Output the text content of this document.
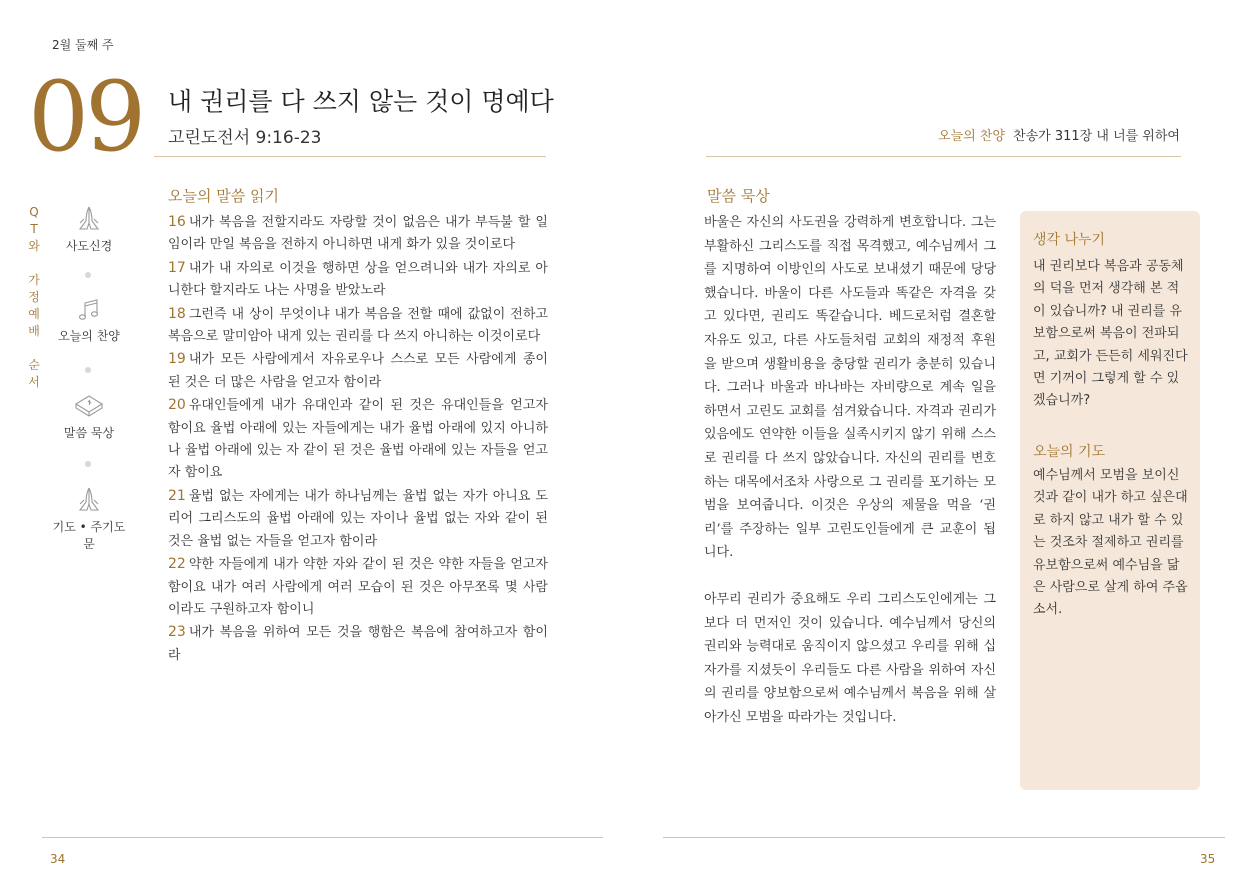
2월 둘째 주
09 내 권리를 다 쓰지 않는 것이 명예다
고린도전서 9:16-23	오늘의 찬양 찬송가 311장 내 너를 위하여
Q
T
와

가
정
예
배

순
서
사도신경
오늘의 찬양
말씀 묵상
기도 • 주기도문
오늘의 말씀 읽기

16 내가 복음을 전할지라도 자랑할 것이 없음은 내가 부득불 할 일임이라 만일 복음을 전하지 아니하면 내게 화가 있을 것이로다

17 내가 내 자의로 이것을 행하면 상을 얻으려니와 내가 자의로 아니한다 할지라도 나는 사명을 받았노라

18 그런즉 내 상이 무엇이냐 내가 복음을 전할 때에 값없이 전하고 복음으로 말미암아 내게 있는 권리를 다 쓰지 아니하는 이것이로다

19 내가 모든 사람에게서 자유로우나 스스로 모든 사람에게 종이 된 것은 더 많은 사람을 얻고자 함이라

20 유대인들에게 내가 유대인과 같이 된 것은 유대인들을 얻고자 함이요 율법 아래에 있는 자들에게는 내가 율법 아래에 있지 아니하나 율법 아래에 있는 자 같이 된 것은 율법 아래에 있는 자들을 얻고자 함이요

21 율법 없는 자에게는 내가 하나님께는 율법 없는 자가 아니요 도리어 그리스도의 율법 아래에 있는 자이나 율법 없는 자와 같이 된 것은 율법 없는 자들을 얻고자 함이라

22 약한 자들에게 내가 약한 자와 같이 된 것은 약한 자들을 얻고자 함이요 내가 여러 사람에게 여러 모습이 된 것은 아무쪼록 몇 사람이라도 구원하고자 함이니

23 내가 복음을 위하여 모든 것을 행함은 복음에 참여하고자 함이라

말씀 묵상

바울은 자신의 사도권을 강력하게 변호합니다. 그는 부활하신 그리스도를 직접 목격했고, 예수님께서 그를 지명하여 이방인의 사도로 보내셨기 때문에 당당했습니다. 바울이 다른 사도들과 똑같은 자격을 갖고 있다면, 권리도 똑같습니다. 베드로처럼 결혼할 자유도 있고, 다른 사도들처럼 교회의 재정적 후원을 받으며 생활비용을 충당할 권리가 충분히 있습니다. 그러나 바울과 바나바는 자비량으로 계속 일을 하면서 고린도 교회를 섬겨왔습니다. 자격과 권리가 있음에도 연약한 이들을 실족시키지 않기 위해 스스로 권리를 다 쓰지 않았습니다. 자신의 권리를 변호하는 대목에서조차 사랑으로 그 권리를 포기하는 모범을 보여줍니다. 이것은 우상의 제물을 먹을 ‘권리’를 주장하는 일부 고린도인들에게 큰 교훈이 됩니다.

아무리 권리가 중요해도 우리 그리스도인에게는 그보다 더 먼저인 것이 있습니다. 예수님께서 당신의 권리와 능력대로 움직이지 않으셨고 우리를 위해 십자가를 지셨듯이 우리들도 다른 사람을 위하여 자신의 권리를 양보함으로써 예수님께서 복음을 위해 살아가신 모범을 따라가는 것입니다.

생각 나누기
내 권리보다 복음과 공동체의 덕을 먼저 생각해 본 적이 있습니까? 내 권리를 유보함으로써 복음이 전파되고, 교회가 든든히 세워진다면 기꺼이 그렇게 할 수 있겠습니까?
오늘의 기도
예수님께서 모범을 보이신 것과 같이 내가 하고 싶은대로 하지 않고 내가 할 수 있는 것조차 절제하고 권리를 유보함으로써 예수님을 닮은 사람으로 살게 하여 주옵소서.
34	35
